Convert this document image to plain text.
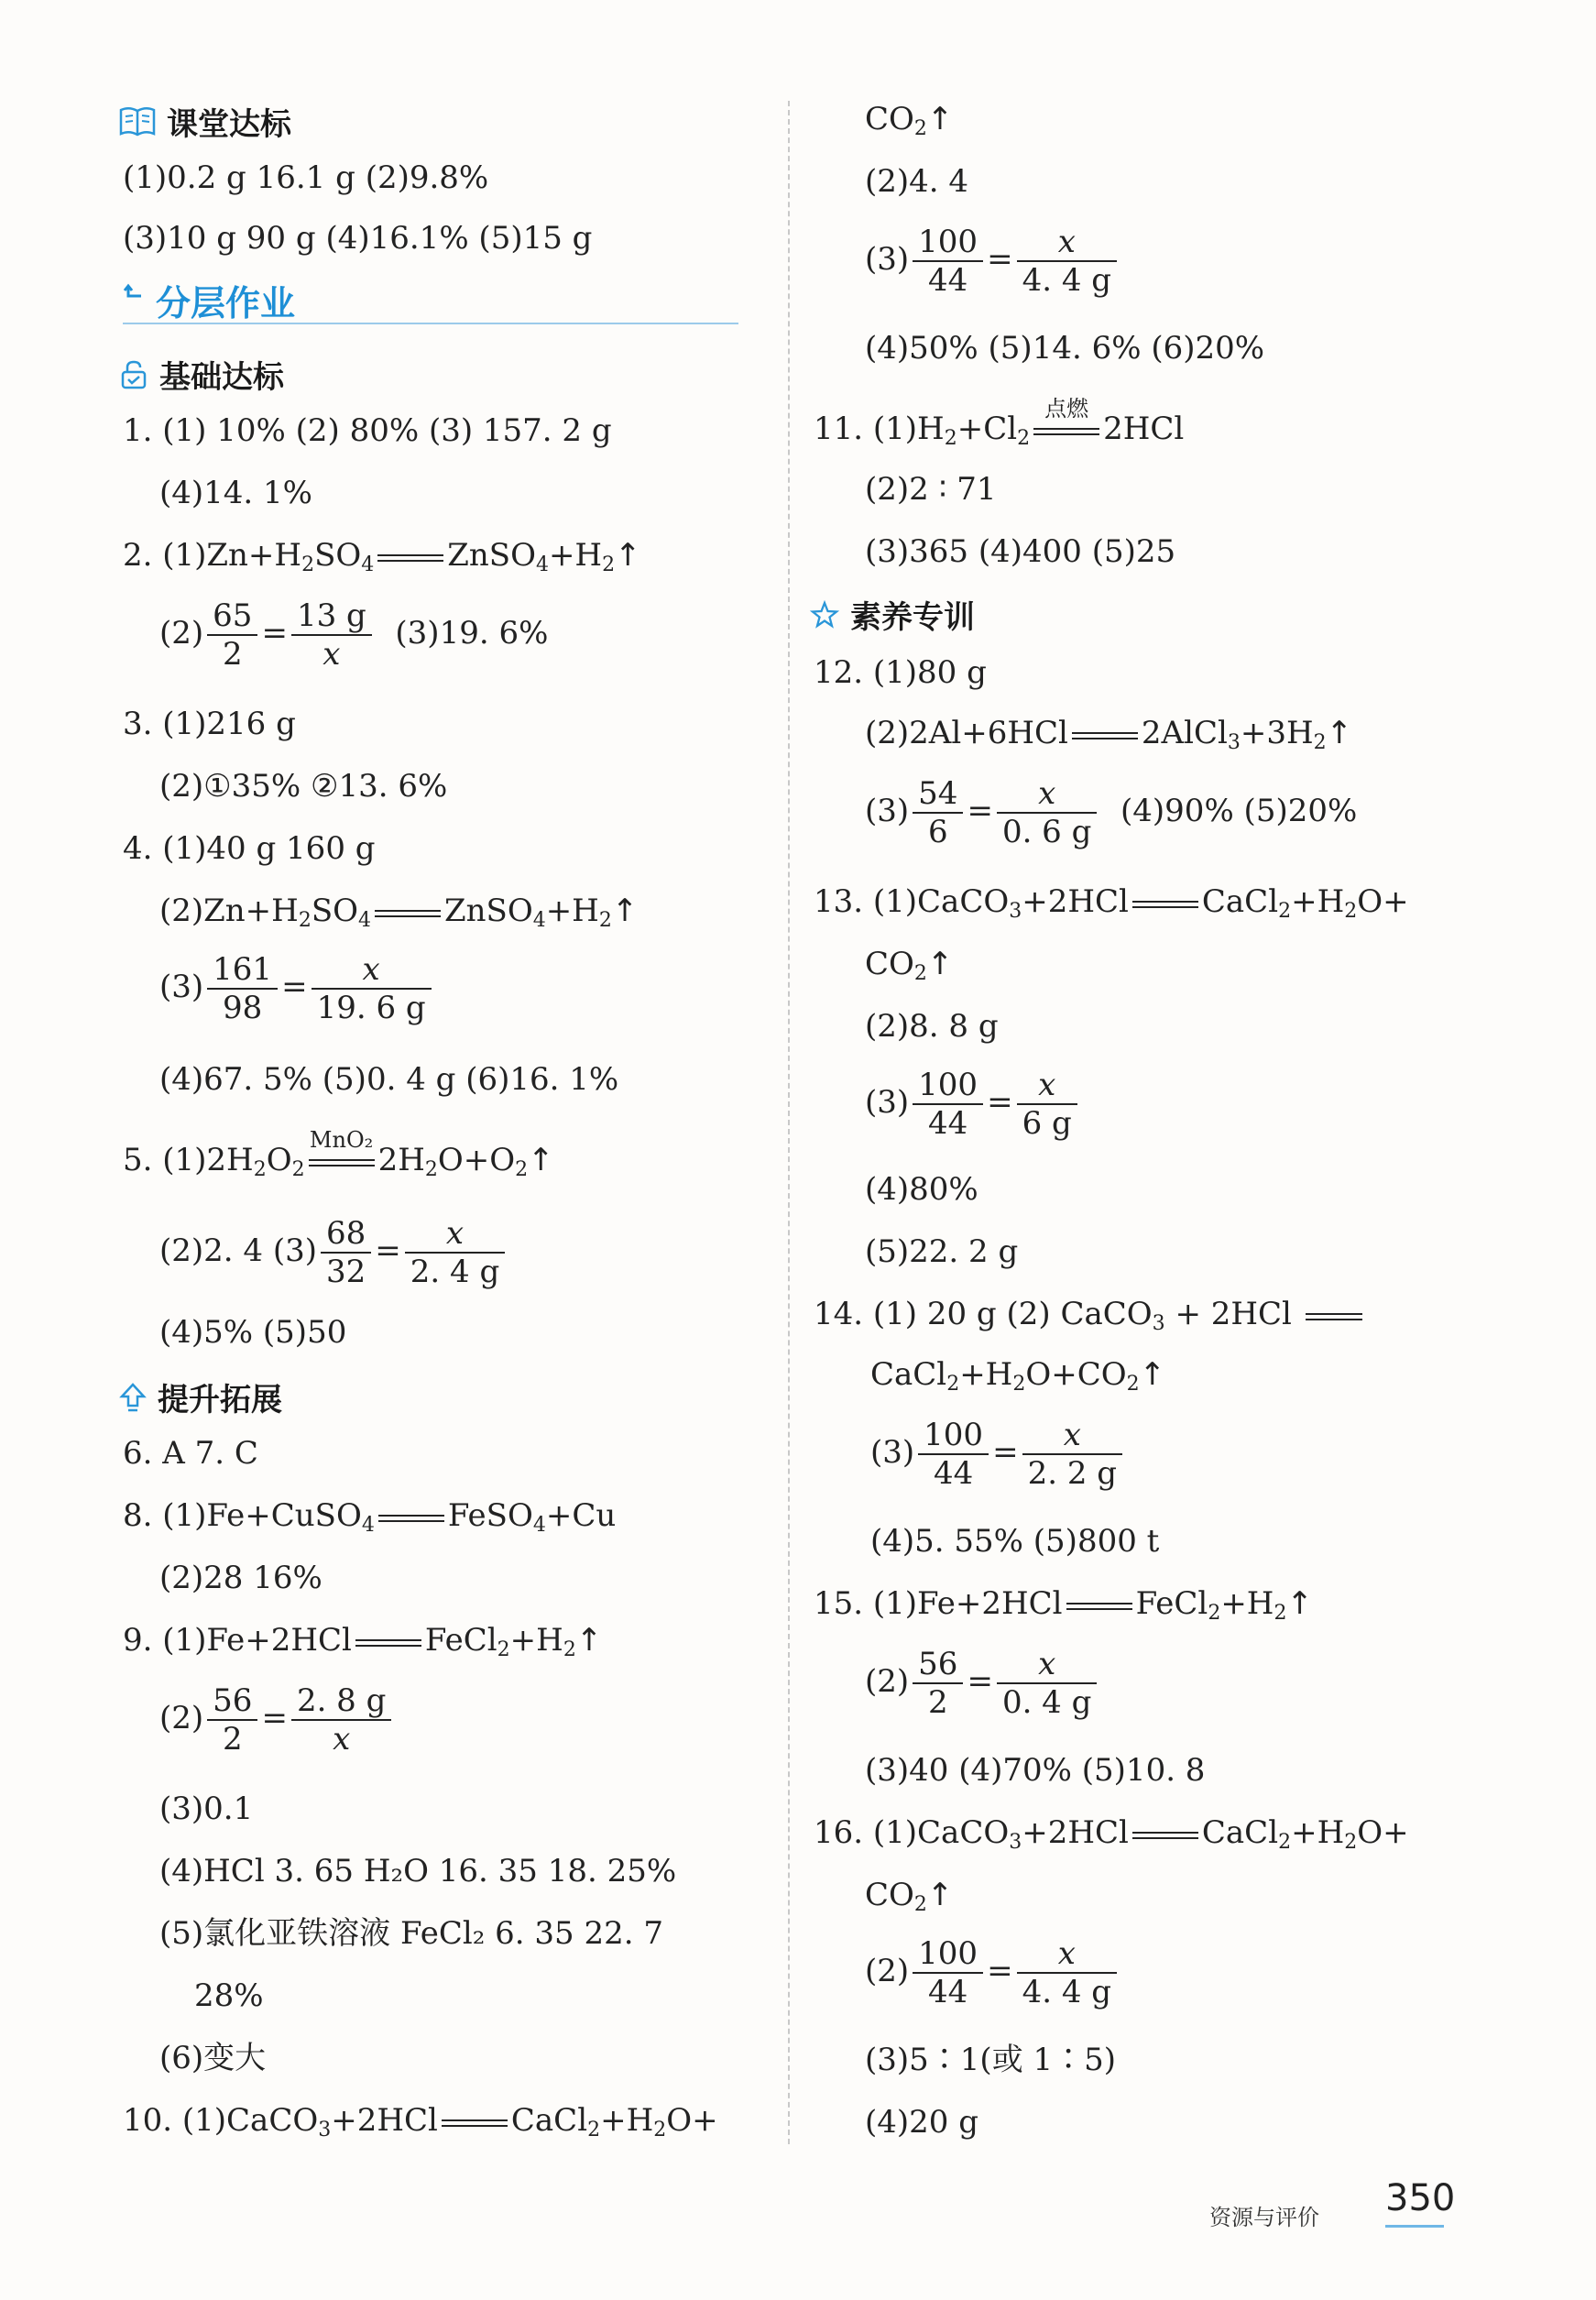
课堂达标
(1)0.2 g 16.1 g (2)9.8%
(3)10 g 90 g (4)16.1% (5)15 g
分层作业
基础达标
1. (1) 10% (2) 80% (3) 157. 2 g
(4)14. 1%
2. $(1)Zn+H_2SO_4$ $ZnSO_4+H_2↑$
$(2) \frac{65}{2} = \frac{13 g}{x} (3)19$. 6%
3. (1)216 g
(2)①35% ②13. 6%
4. (1)40 g 160 g
$(2)Zn+H_2SO_4$ $ZnSO_4+H_2↑$
$(3) \frac{161}{98} = \frac{x}{19. 6 g}$
(4)67. 5% (5)0. 4 g (6)16. 1%
5. $(1)2H_2O_2$
MnO₂
$2H_2O+O_2↑$
(2)2. 4 $(3) \frac{68}{32} = \frac{x}{2. 4 g}$
(4)5% (5)50
提升拓展
6. A 7. C
8. (1)Fe+CuSO$_4$ FeSO$_4$+Cu
(2)28 16%
9. (1)Fe+2HCl $FeCl_2+H_2↑$
$(2) \frac{56}{2} = \frac{2. 8 g}{x}$
(3)0.1
(4)HCl 3. 65 H₂O 16. 35 18. 25%
(5)氯化亚铁溶液 FeCl₂ 6. 35 22. 7
28%
(6)变大
10. (1)CaCO$_3$+2HCl $CaCl_2+H_2O+$
$CO_2↑$
(2)4. 4
$(3) \frac{100}{44} = \frac{x}{4. 4 g}$
(4)50% (5)14. 6% (6)20%
11. $(1)H_2+Cl_2$
点燃
2HCl
(2)2 ∶ 71
(3)365 (4)400 (5)25
素养专训
12. (1)80 g
(2)2Al+6HCl $2AlCl_3+3H_2↑$
$(3) \frac{54}{6} = \frac{x}{0. 6 g} (4)90\%$ (5)20%
13. (1)CaCO$_3$+2HCl $CaCl_2+H_2O+$
$CO_2↑$
(2)8. 8 g
$(3) \frac{100}{44} = \frac{x}{6 g}$
(4)80%
(5)22. 2 g
14. (1) 20 g (2) CaCO$_3$ + 2HCl
$CaCl_2+H_2O+CO_2↑$
$(3) \frac{100}{44} = \frac{x}{2. 2 g}$
(4)5. 55% (5)800 t
15. (1)Fe+2HCl $FeCl_2+H_2↑$
$(2) \frac{56}{2} = \frac{x}{0. 4 g}$
(3)40 (4)70% (5)10. 8
16. (1)CaCO$_3$+2HCl $CaCl_2+H_2O+$
$CO_2↑$
$(2) \frac{100}{44} = \frac{x}{4. 4 g}$
(3)5∶1(或 1∶5)
(4)20 g
资源与评价 350
